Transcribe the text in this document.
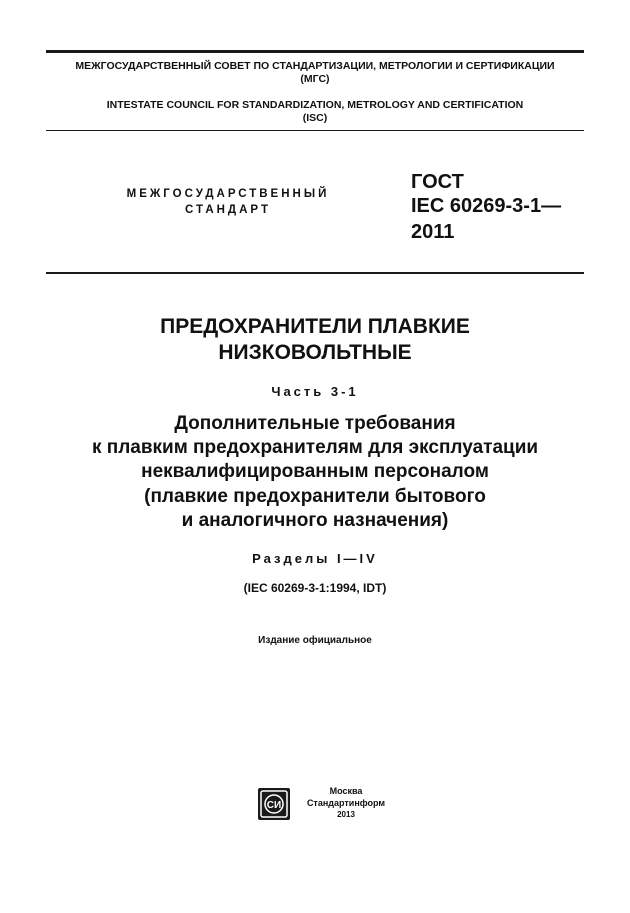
МЕЖГОСУДАРСТВЕННЫЙ СОВЕТ ПО СТАНДАРТИЗАЦИИ, МЕТРОЛОГИИ И СЕРТИФИКАЦИИ
(МГС)
INTESTATE COUNCIL FOR STANDARDIZATION, METROLOGY AND CERTIFICATION
(ISC)
МЕЖГОСУДАРСТВЕННЫЙ
СТАНДАРТ
ГОСТ
IEC 60269-3-1—
2011
ПРЕДОХРАНИТЕЛИ ПЛАВКИЕ
НИЗКОВОЛЬТНЫЕ
Часть 3-1
Дополнительные требования
к плавким предохранителям для эксплуатации
неквалифицированным персоналом
(плавкие предохранители бытового
и аналогичного назначения)
Разделы I—IV
(IEC 60269-3-1:1994, IDT)
Издание официальное
СИ
Москва
Стандартинформ
2013
